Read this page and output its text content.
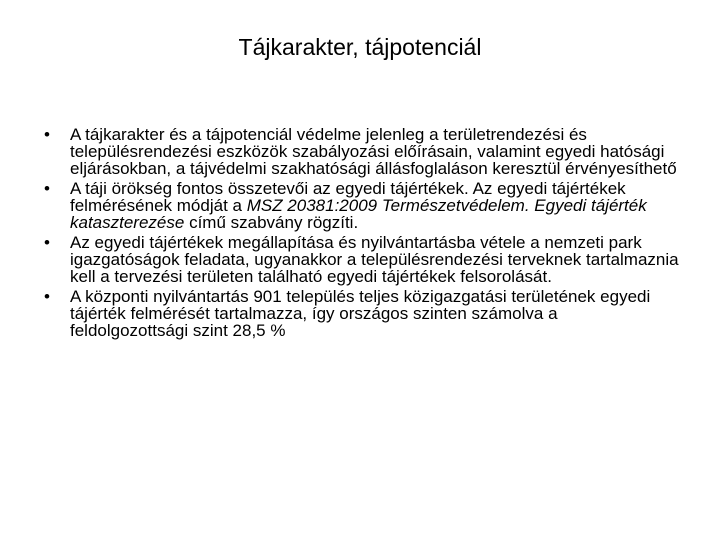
Tájkarakter, tájpotenciál
• A tájkarakter és a tájpotenciál védelme jelenleg a területrendezési és településrendezési eszközök szabályozási előírásain, valamint egyedi hatósági eljárásokban, a tájvédelmi szakhatósági állásfoglaláson keresztül érvényesíthető
• A táji örökség fontos összetevői az egyedi tájértékek. Az egyedi tájértékek felmérésének módját a MSZ 20381:2009 Természetvédelem. Egyedi tájérték kataszterezése című szabvány rögzíti.
• Az egyedi tájértékek megállapítása és nyilvántartásba vétele a nemzeti park igazgatóságok feladata, ugyanakkor a településrendezési terveknek tartalmaznia kell a tervezési területen található egyedi tájértékek felsorolását.
• A központi nyilvántartás 901 település teljes közigazgatási területének egyedi tájérték felmérését tartalmazza, így országos szinten számolva a feldolgozottsági szint 28,5 %
